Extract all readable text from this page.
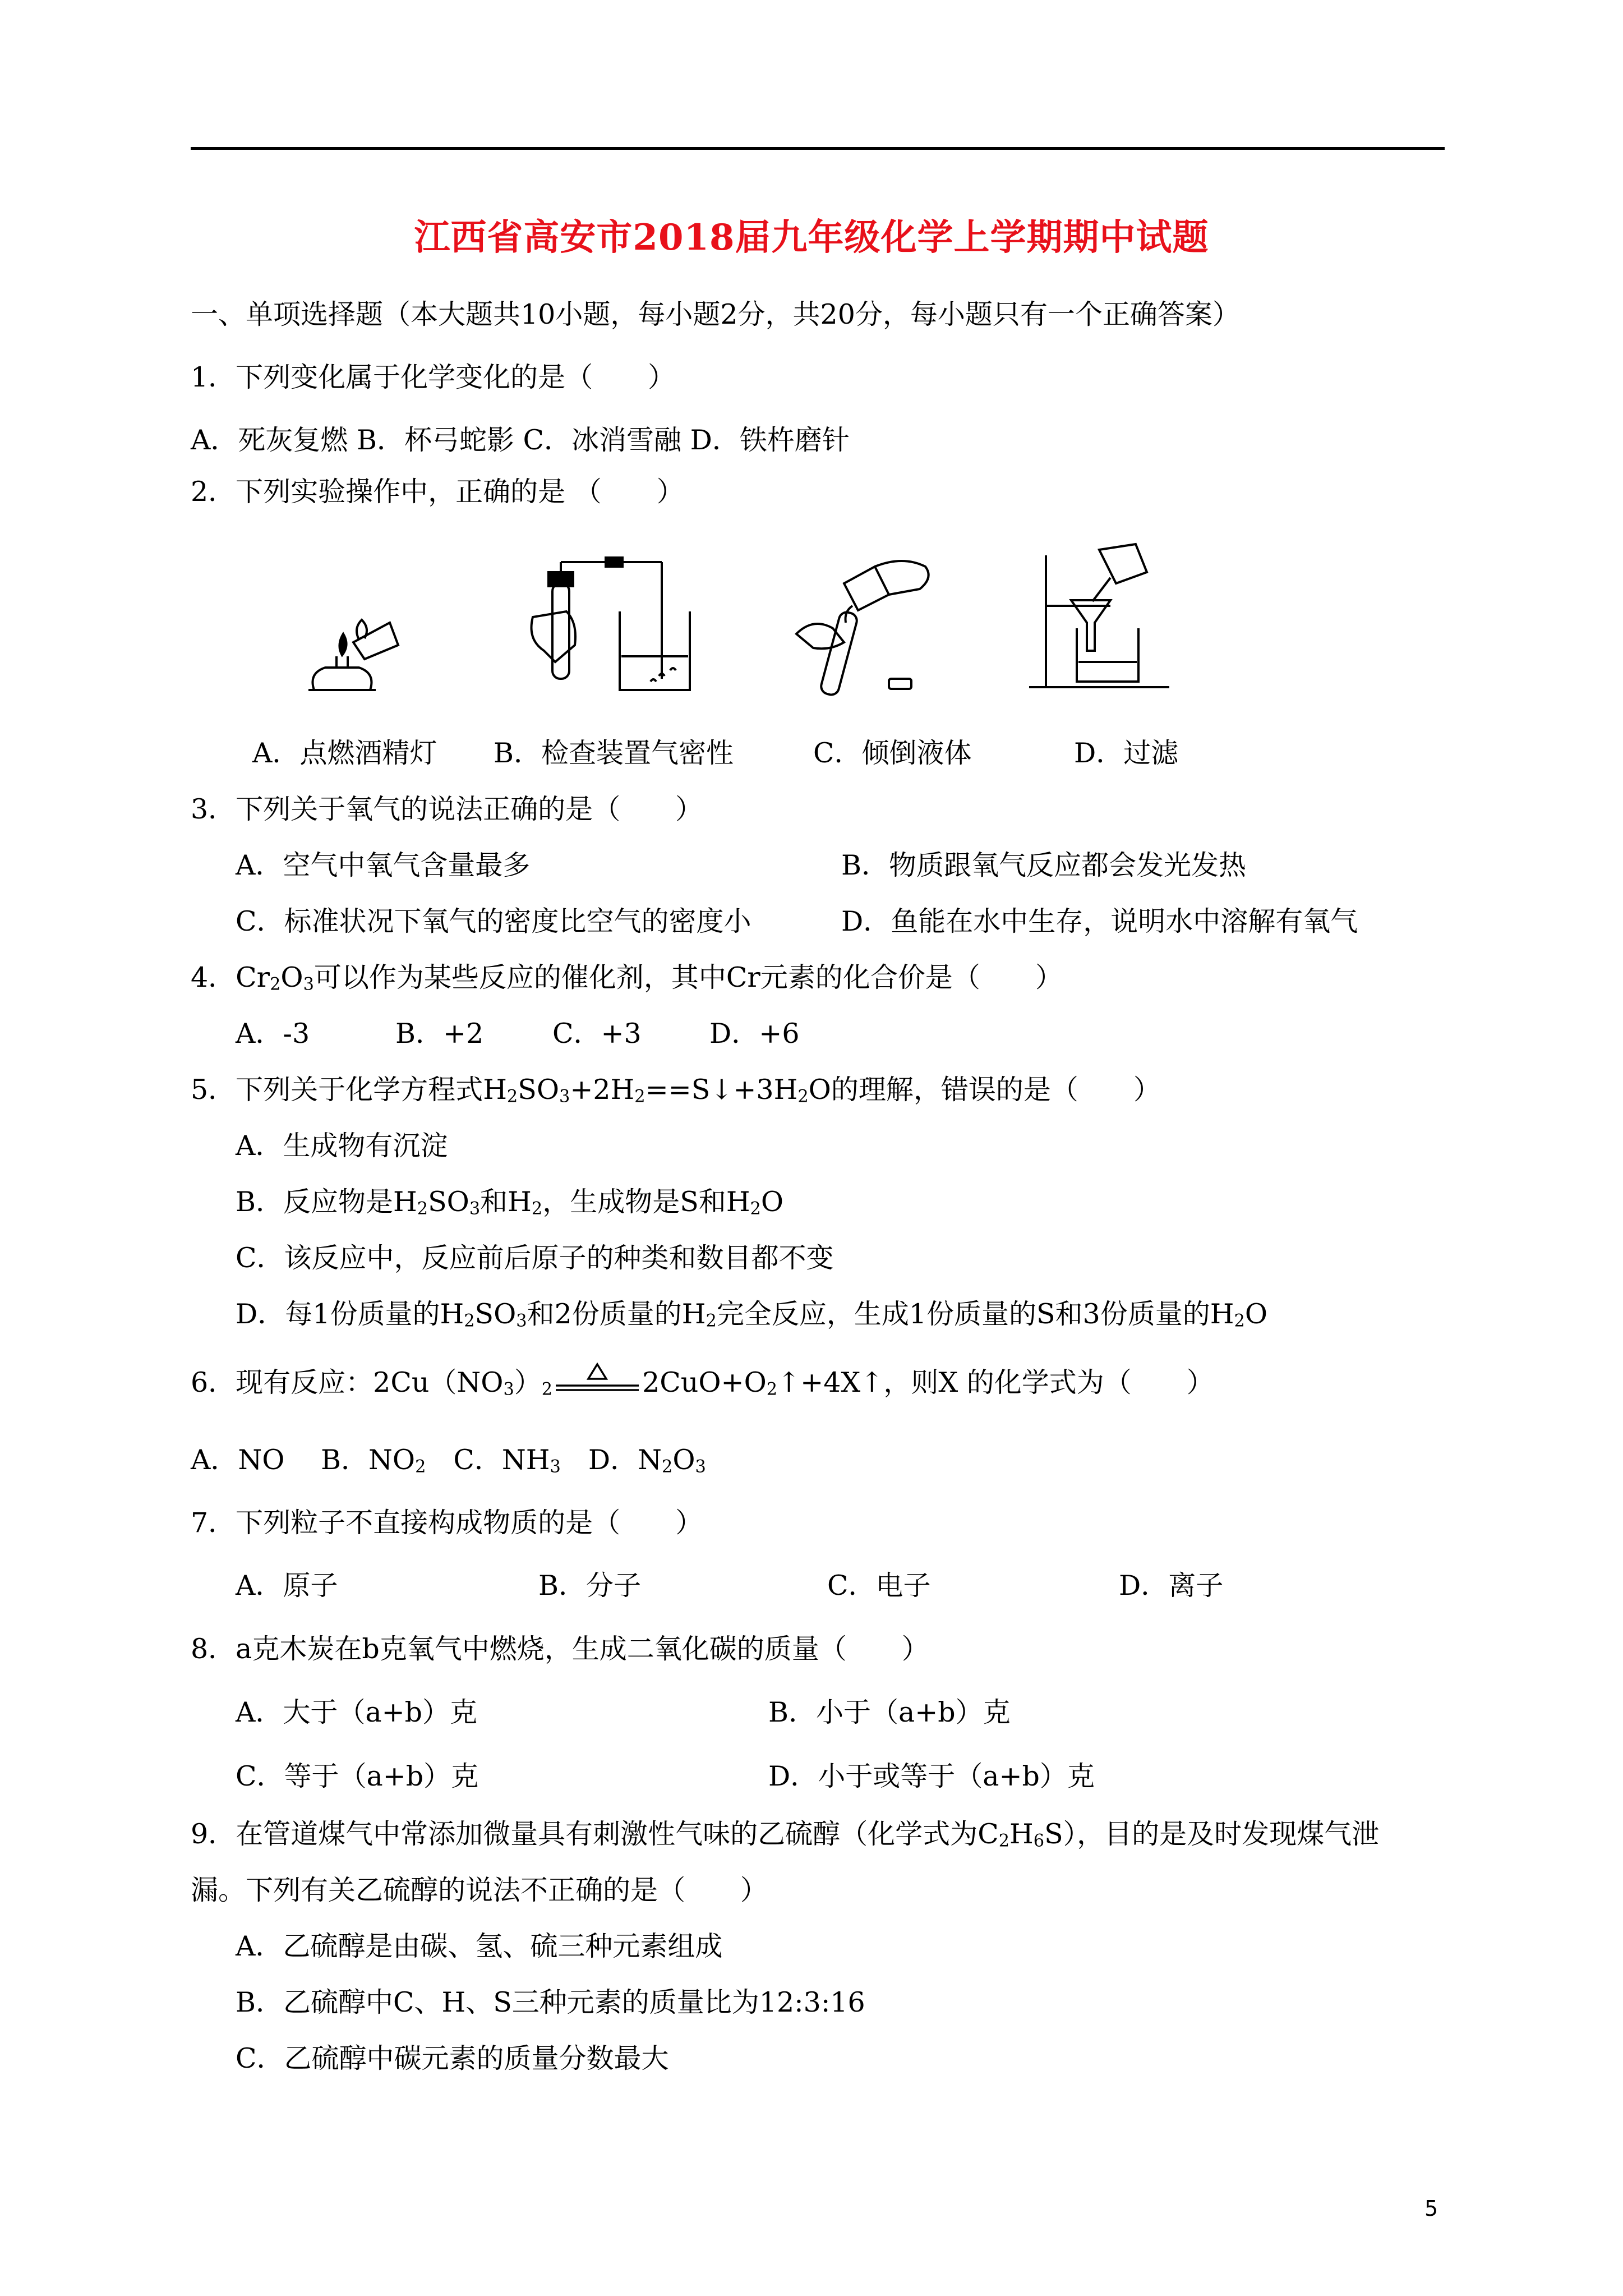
江西省高安市2018届九年级化学上学期期中试题
一、单项选择题（本大题共10小题，每小题2分，共20分，每小题只有一个正确答案）
1．下列变化属于化学变化的是（　　）
A．死灰复燃 B．杯弓蛇影 C．冰消雪融 D．铁杵磨针
2．下列实验操作中，正确的是 （　　）
A．点燃酒精灯 B．检查装置气密性	C．倾倒液体	D．过滤
3．下列关于氧气的说法正确的是（　　）
A．空气中氧气含量最多	B．物质跟氧气反应都会发光发热
C．标准状况下氧气的密度比空气的密度小	D．鱼能在水中生存，说明水中溶解有氧气
4．$Cr_2O_3$可以作为某些反应的催化剂，其中Cr元素的化合价是（　　）
A．-3	B．+2	C．+3 D．+6
5．下列关于化学方程式$H_2SO_3+2H_2==S↓+3H_2O$的理解，错误的是（　　）
A．生成物有沉淀
B．反应物是$H_2SO_3$和$H_2$，生成物是S和$H_2O$
C．该反应中，反应前后原子的种类和数目都不变
D．每1份质量的$H_2SO_3$和2份质量的$H_2$完全反应，生成1份质量的S和3份质量的$H_2O$
6．现有反应：$2Cu(NO_3)_2$	$2CuO+O_2↑+4X↑$，则X 的化学式为（　　）
A．NO　 B．$NO_2$　C．$NH_3$　D．$N_2O_3$
7．下列粒子不直接构成物质的是（　　）
A．原子	B．分子	C．电子	D．离子
8．a克木炭在b克氧气中燃烧，生成二氧化碳的质量（　　）
A．大于（a+b）克	B．小于（a+b）克
C．等于（a+b）克	D．小于或等于（a+b）克
9．在管道煤气中常添加微量具有刺激性气味的乙硫醇（化学式为$C_2H_6S$），目的是及时发现煤气泄
漏。下列有关乙硫醇的说法不正确的是（　　）
A．乙硫醇是由碳、氢、硫三种元素组成
B．乙硫醇中C、H、S三种元素的质量比为12:3:16
C．乙硫醇中碳元素的质量分数最大
5
